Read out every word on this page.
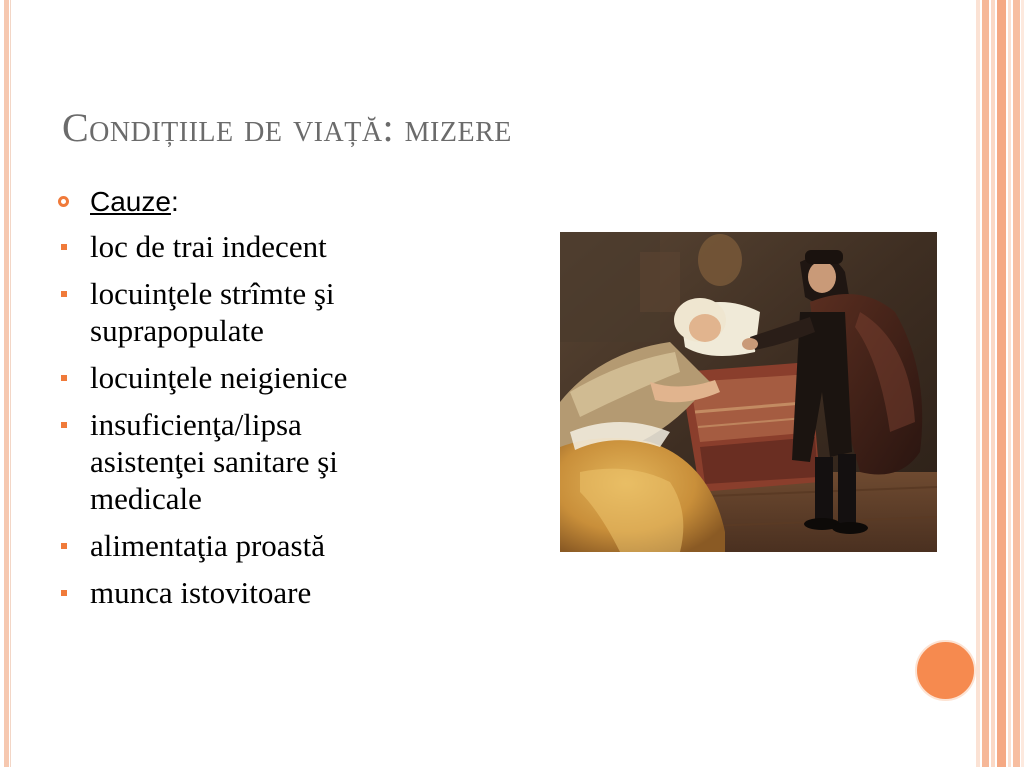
Condițiile de viață: mizere
Cauze:
loc de trai indecent
locuinţele strîmte şi suprapopulate
locuinţele neigienice
insuficienţa/lipsa asistenţei sanitare şi medicale
alimentaţia proastă
munca istovitoare
